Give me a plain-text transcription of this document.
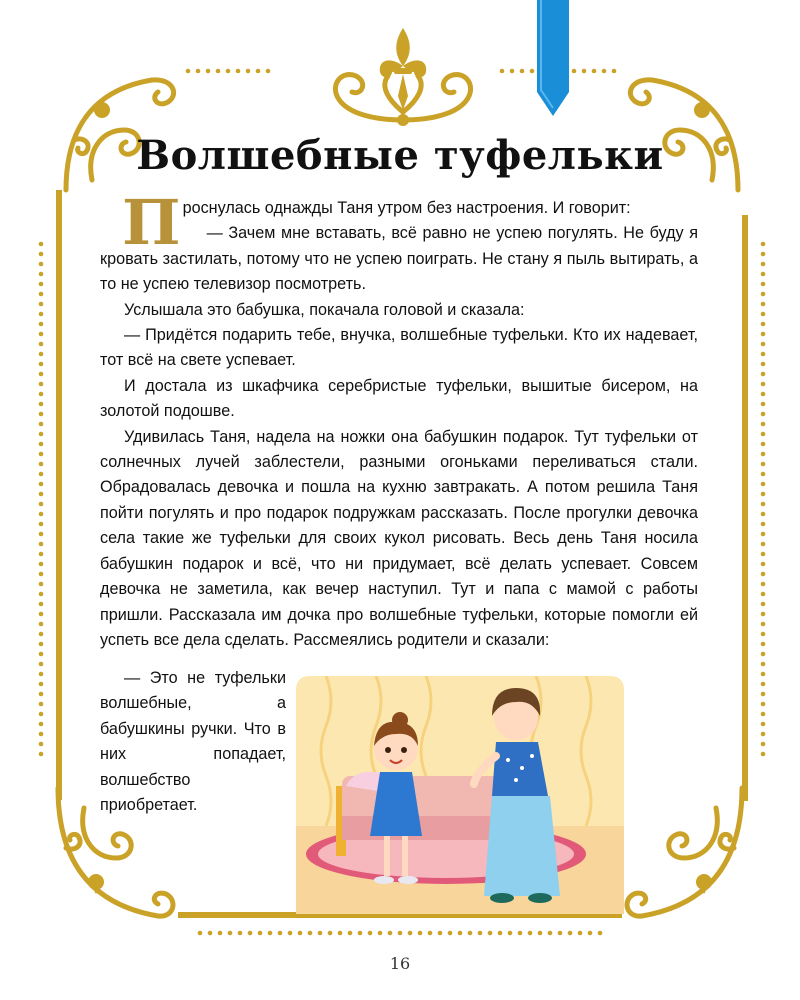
Волшебные туфельки

Проснулась однажды Таня утром без настроения. И говорит:

— Зачем мне вставать, всё равно не успею погулять. Не буду я кровать застилать, потому что не успею поиграть. Не стану я пыль вытирать, а то не успею телевизор посмотреть.

Услышала это бабушка, покачала головой и сказала:

— Придётся подарить тебе, внучка, волшебные туфельки. Кто их надевает, тот всё на свете успевает.

И достала из шкафчика серебристые туфельки, вышитые бисером, на золотой подошве.

Удивилась Таня, надела на ножки она бабушкин подарок. Тут туфельки от солнечных лучей заблестели, разными огоньками переливаться стали. Обрадовалась девочка и пошла на кухню завтракать. А потом решила Таня пойти погулять и про подарок подружкам рассказать. После прогулки девочка села такие же туфельки для своих кукол рисовать. Весь день Таня носила бабушкин подарок и всё, что ни придумает, всё делать успевает. Совсем девочка не заметила, как вечер наступил. Тут и папа с мамой с работы пришли. Рассказала им дочка про волшебные туфельки, которые помогли ей успеть все дела сделать. Рассмеялись родители и сказали:

— Это не туфельки волшебные, а бабушкины ручки. Что в них попадает, волшебство приобретает.

16
